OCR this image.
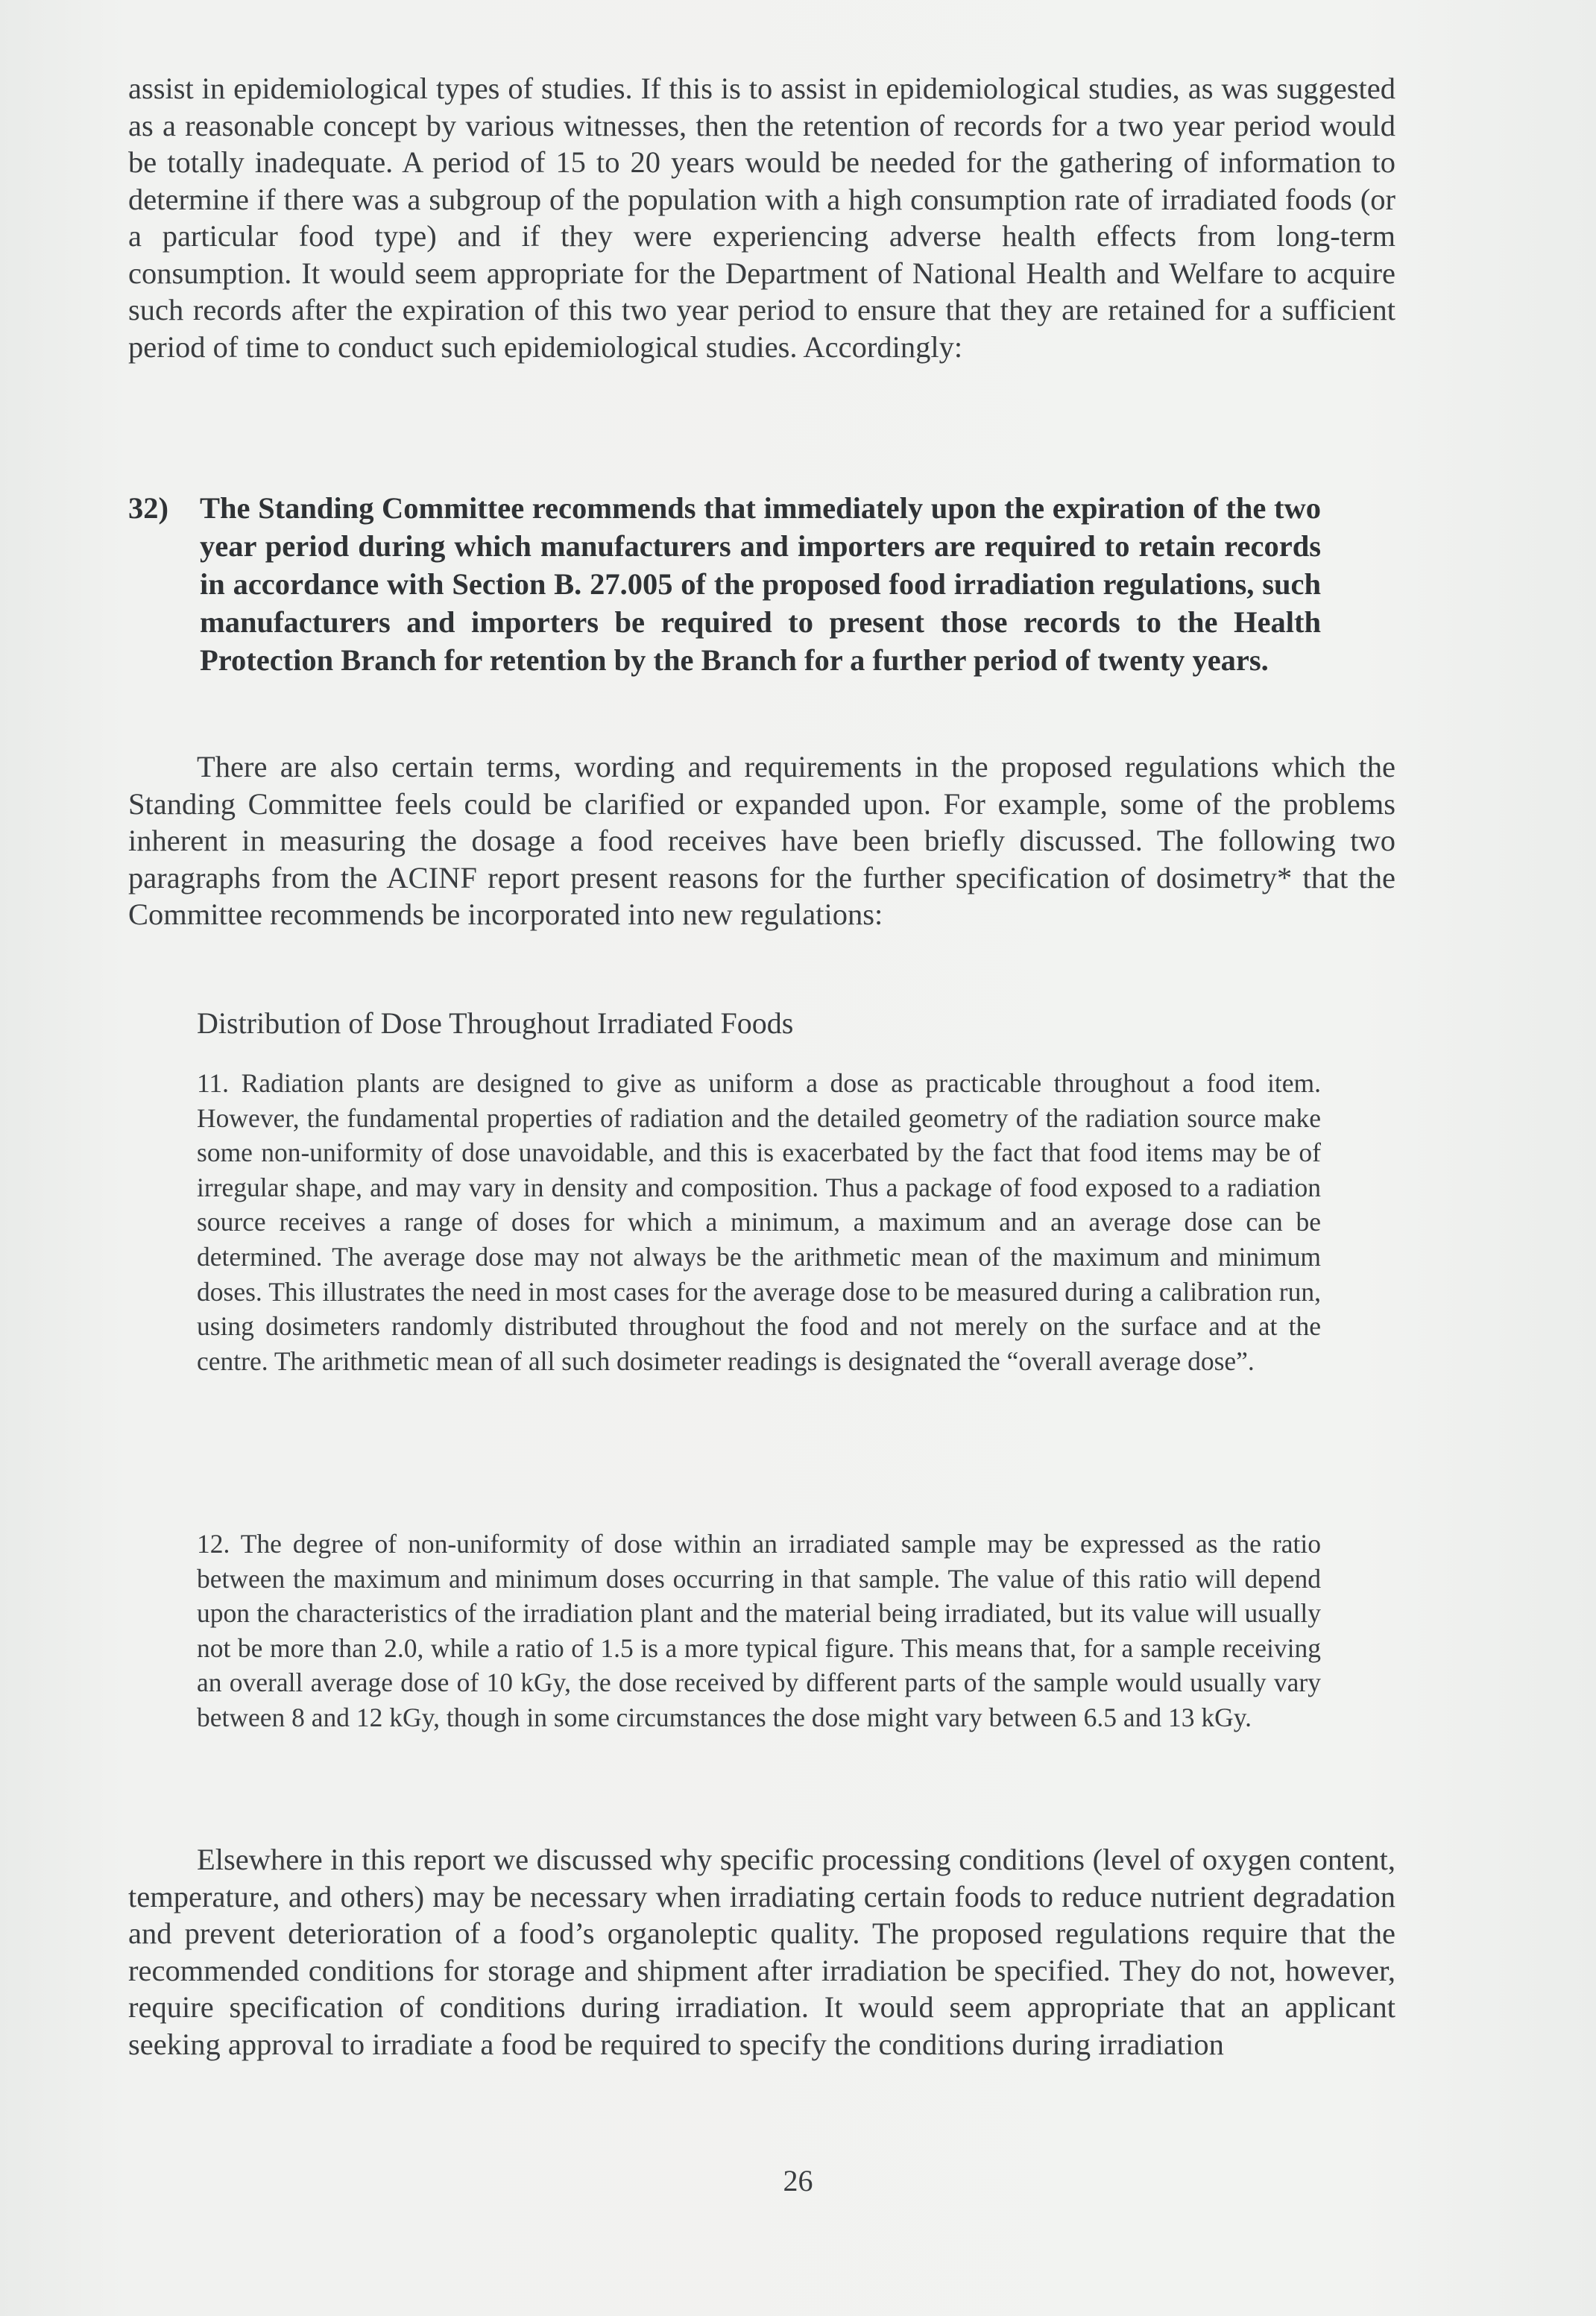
assist in epidemiological types of studies. If this is to assist in epidemiological studies, as was suggested as a reasonable concept by various witnesses, then the retention of records for a two year period would be totally inadequate. A period of 15 to 20 years would be needed for the gathering of information to determine if there was a subgroup of the population with a high consumption rate of irradiated foods (or a particular food type) and if they were experiencing adverse health effects from long-term consumption. It would seem appropriate for the Department of National Health and Welfare to acquire such records after the expiration of this two year period to ensure that they are retained for a sufficient period of time to conduct such epidemiological studies. Accordingly:

32)	The Standing Committee recommends that immediately upon the expiration of the two year period during which manufacturers and importers are required to retain records in accordance with Section B. 27.005 of the proposed food irradiation regulations, such manufacturers and importers be required to present those records to the Health Protection Branch for retention by the Branch for a further period of twenty years.

There are also certain terms, wording and requirements in the proposed regulations which the Standing Committee feels could be clarified or expanded upon. For example, some of the problems inherent in measuring the dosage a food receives have been briefly discussed. The following two paragraphs from the ACINF report present reasons for the further specification of dosimetry* that the Committee recommends be incorporated into new regulations:

Distribution of Dose Throughout Irradiated Foods

11. Radiation plants are designed to give as uniform a dose as practicable throughout a food item. However, the fundamental properties of radiation and the detailed geometry of the radiation source make some non-uniformity of dose unavoidable, and this is exacerbated by the fact that food items may be of irregular shape, and may vary in density and composition. Thus a package of food exposed to a radiation source receives a range of doses for which a minimum, a maximum and an average dose can be determined. The average dose may not always be the arithmetic mean of the maximum and minimum doses. This illustrates the need in most cases for the average dose to be measured during a calibration run, using dosimeters randomly distributed throughout the food and not merely on the surface and at the centre. The arithmetic mean of all such dosimeter readings is designated the “overall average dose”.

12. The degree of non-uniformity of dose within an irradiated sample may be expressed as the ratio between the maximum and minimum doses occurring in that sample. The value of this ratio will depend upon the characteristics of the irradiation plant and the material being irradiated, but its value will usually not be more than 2.0, while a ratio of 1.5 is a more typical figure. This means that, for a sample receiving an overall average dose of 10 kGy, the dose received by different parts of the sample would usually vary between 8 and 12 kGy, though in some circumstances the dose might vary between 6.5 and 13 kGy.

Elsewhere in this report we discussed why specific processing conditions (level of oxygen content, temperature, and others) may be necessary when irradiating certain foods to reduce nutrient degradation and prevent deterioration of a food’s organoleptic quality. The proposed regulations require that the recommended conditions for storage and shipment after irradiation be specified. They do not, however, require specification of conditions during irradiation. It would seem appropriate that an applicant seeking approval to irradiate a food be required to specify the conditions during irradiation

26
